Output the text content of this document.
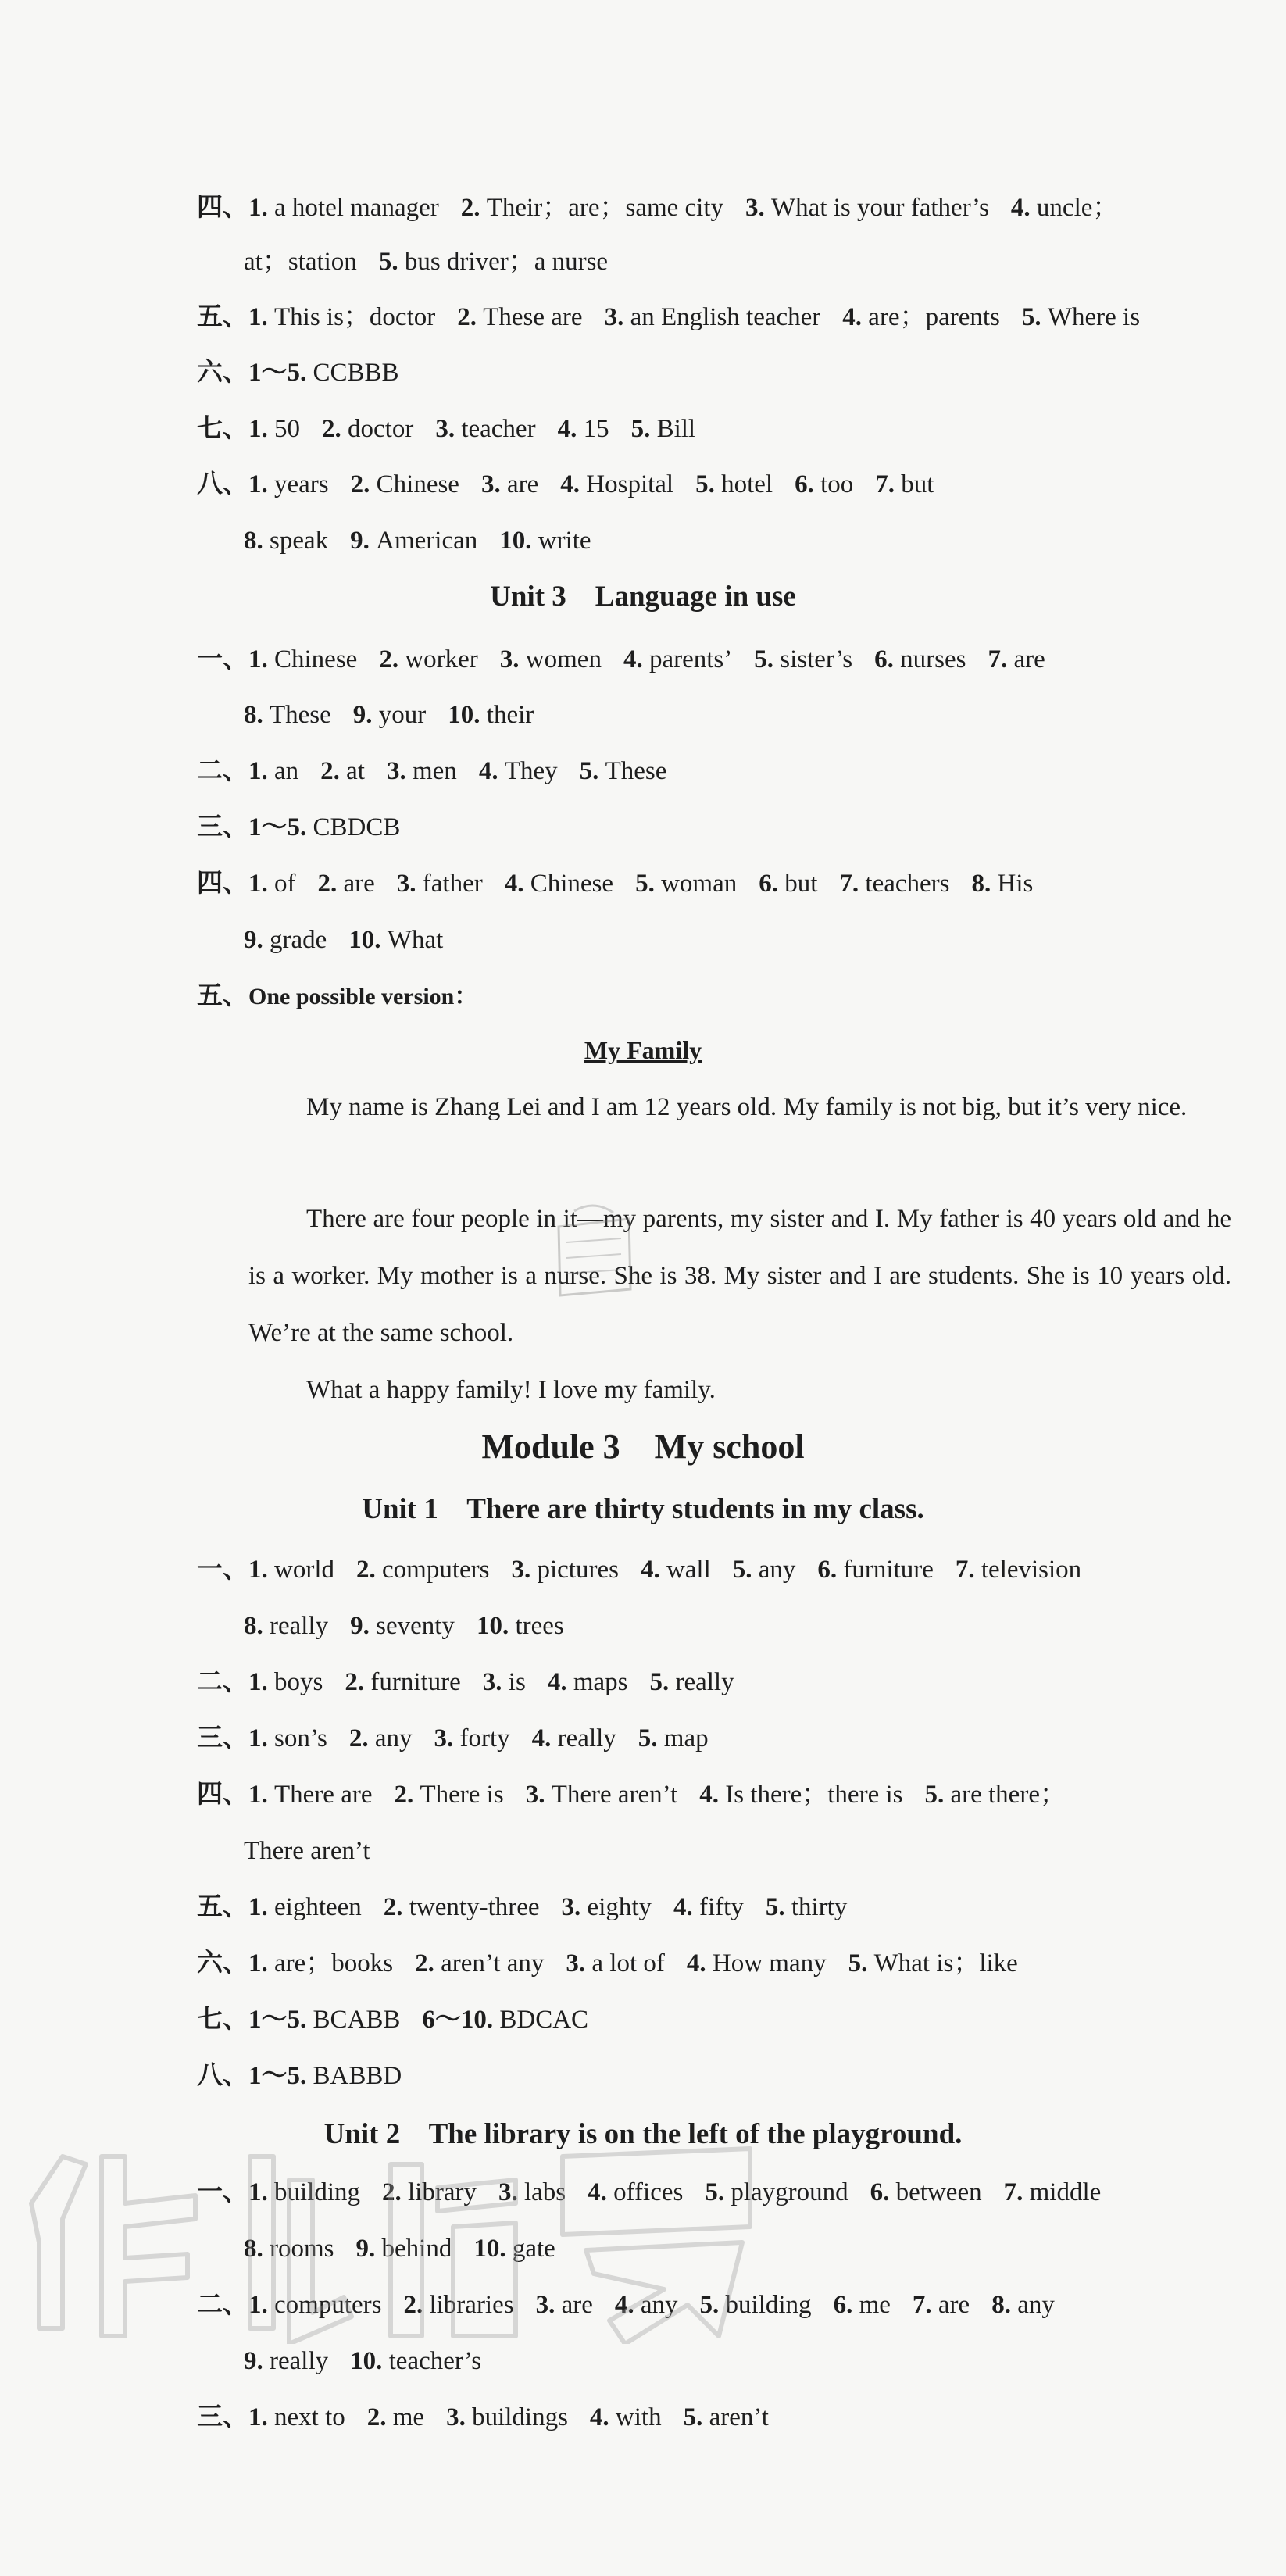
四、1. a hotel manager 2. Their；are；same city 3. What is your father’s 4. uncle；
at；station 5. bus driver；a nurse
五、1. This is；doctor 2. These are 3. an English teacher 4. are；parents 5. Where is
六、1～5. CCBBB
七、1. 50 2. doctor 3. teacher 4. 15 5. Bill
八、1. years 2. Chinese 3. are 4. Hospital 5. hotel 6. too 7. but
8. speak 9. American 10. write
Unit 3    Language in use
一、1. Chinese 2. worker 3. women 4. parents’ 5. sister’s 6. nurses 7. are
8. These 9. your 10. their
二、1. an 2. at 3. men 4. They 5. These
三、1～5. CBDCB
四、1. of 2. are 3. father 4. Chinese 5. woman 6. but 7. teachers 8. His
9. grade 10. What
五、One possible version：
My Family
My name is Zhang Lei and I am 12 years old. My family is not big, but it’s very nice.
There are four people in it—my parents, my sister and I. My father is 40 years old and he is a worker. My mother is a nurse. She is 38. My sister and I are students. She is 10 years old. We’re at the same school.
What a happy family! I love my family.
Module 3    My school
Unit 1    There are thirty students in my class.
一、1. world 2. computers 3. pictures 4. wall 5. any 6. furniture 7. television
8. really 9. seventy 10. trees
二、1. boys 2. furniture 3. is 4. maps 5. really
三、1. son’s 2. any 3. forty 4. really 5. map
四、1. There are 2. There is 3. There aren’t 4. Is there；there is 5. are there；
There aren’t
五、1. eighteen 2. twenty-three 3. eighty 4. fifty 5. thirty
六、1. are；books 2. aren’t any 3. a lot of 4. How many 5. What is；like
七、1～5. BCABB 6～10. BDCAC
八、1～5. BABBD
Unit 2    The library is on the left of the playground.
一、1. building 2. library 3. labs 4. offices 5. playground 6. between 7. middle
8. rooms 9. behind 10. gate
二、1. computers 2. libraries 3. are 4. any 5. building 6. me 7. are 8. any
9. really 10. teacher’s
三、1. next to 2. me 3. buildings 4. with 5. aren’t
